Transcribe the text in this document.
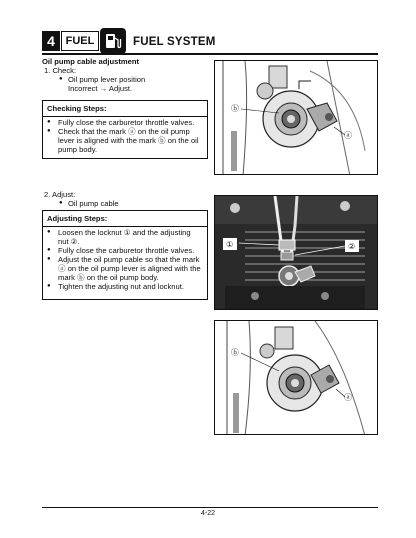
4 FUEL	FUEL SYSTEM
Oil pump cable adjustment
1. Check:
● Oil pump lever position
Incorrect → Adjust.
Checking Steps:
● Fully close the carburetor throttle valves.
● Check that the mark ⓐ on the oil pump
lever is aligned with the mark ⓑ on the oil
pump body.
2. Adjust:
● Oil pump cable
Adjusting Steps:
● Loosen the locknut ① and the adjusting
nut ②.
● Fully close the carburetor throttle valves.
● Adjust the oil pump cable so that the mark
ⓐ on the oil pump lever is aligned with the
mark ⓑ on the oil pump body.
● Tighten the adjusting nut and locknut.
ⓑ
ⓐ
①	②
ⓑ
ⓐ
4-22
